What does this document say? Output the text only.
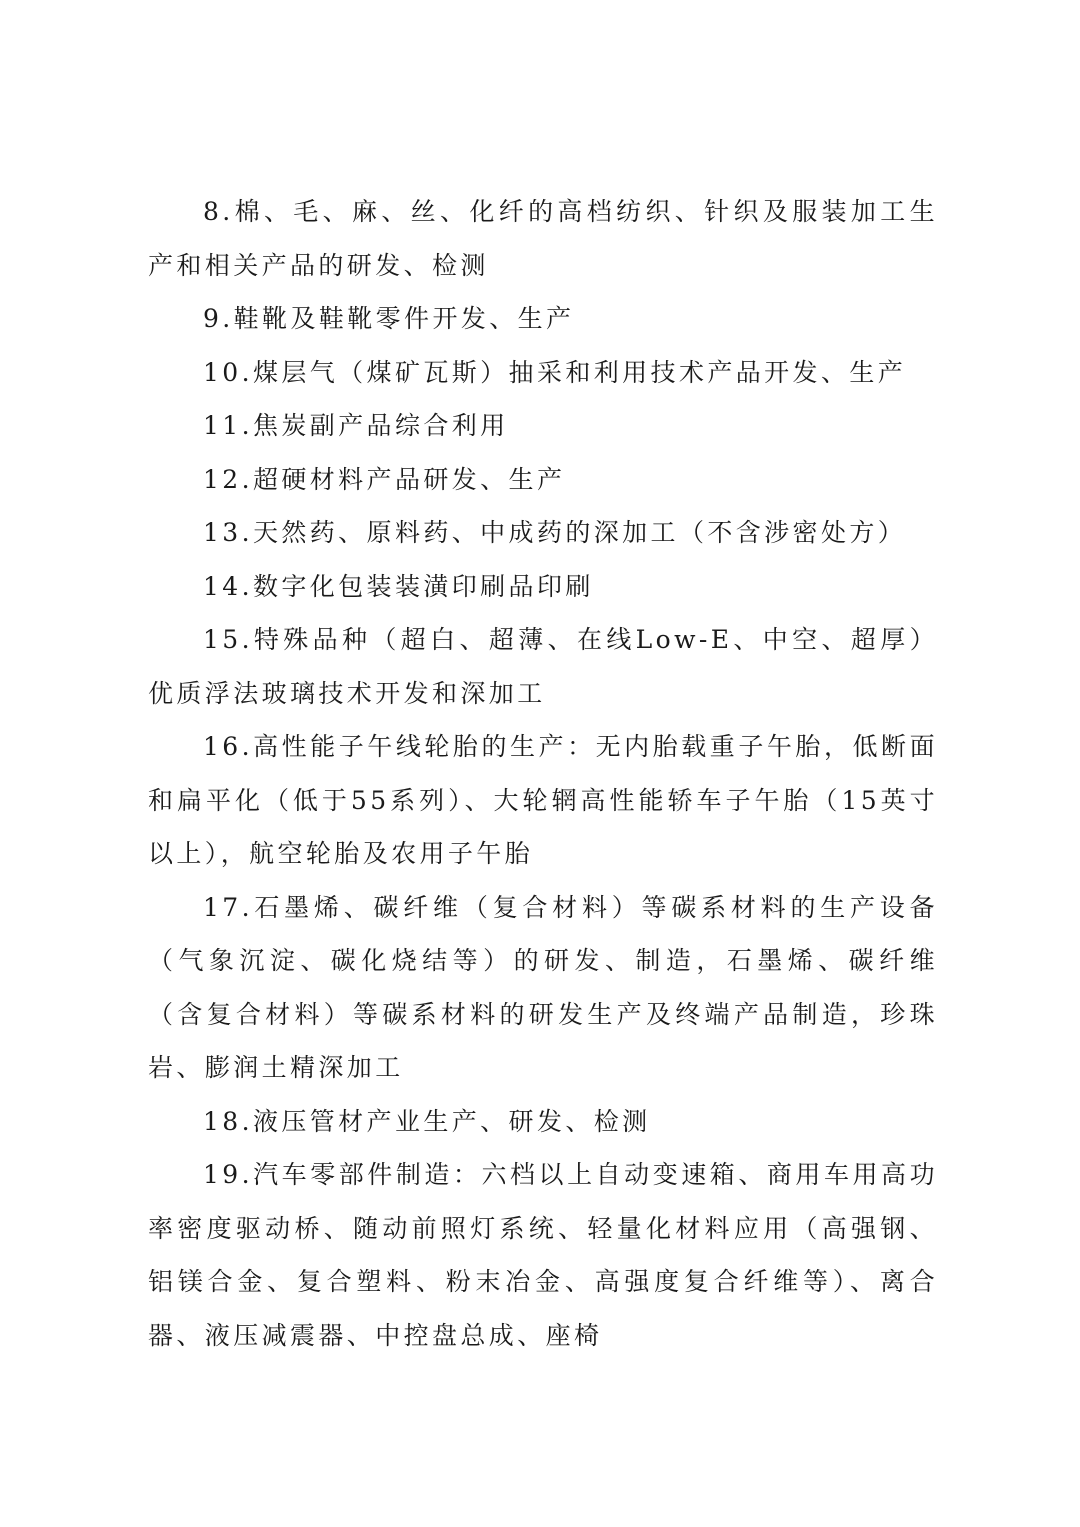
8.棉、毛、麻、丝、化纤的高档纺织、针织及服装加工生产和相关产品的研发、检测

9.鞋靴及鞋靴零件开发、生产

10.煤层气（煤矿瓦斯）抽采和利用技术产品开发、生产

11.焦炭副产品综合利用

12.超硬材料产品研发、生产

13.天然药、原料药、中成药的深加工（不含涉密处方）

14.数字化包装装潢印刷品印刷

15.特殊品种（超白、超薄、在线Low-E、中空、超厚）优质浮法玻璃技术开发和深加工

16.高性能子午线轮胎的生产：无内胎载重子午胎，低断面和扁平化（低于55系列）、大轮辋高性能轿车子午胎（15英寸以上），航空轮胎及农用子午胎

17.石墨烯、碳纤维（复合材料）等碳系材料的生产设备（气象沉淀、碳化烧结等）的研发、制造，石墨烯、碳纤维（含复合材料）等碳系材料的研发生产及终端产品制造，珍珠岩、膨润土精深加工

18.液压管材产业生产、研发、检测

19.汽车零部件制造：六档以上自动变速箱、商用车用高功率密度驱动桥、随动前照灯系统、轻量化材料应用（高强钢、铝镁合金、复合塑料、粉末冶金、高强度复合纤维等）、离合器、液压减震器、中控盘总成、座椅
